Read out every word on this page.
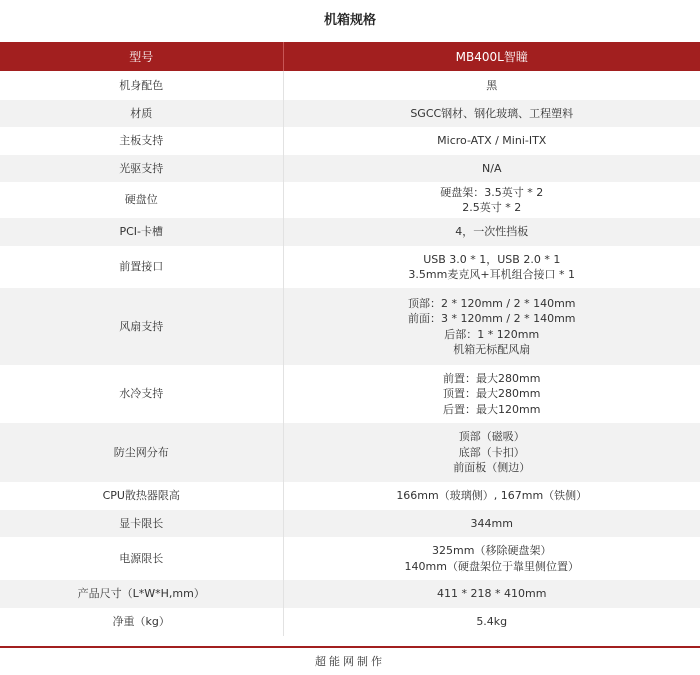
机箱规格
型号	MB400L智瞳
机身配色	黑

材质	SGCC钢材、钢化玻璃、工程塑料

主板支持	Micro-ATX / Mini-ITX

光驱支持	N/A

硬盘位	硬盘架：3.5英寸 * 2
2.5英寸 * 2

PCI-卡槽	4，一次性挡板

前置接口	USB 3.0 * 1，USB 2.0 * 1
3.5mm麦克风+耳机组合接口 * 1

风扇支持	顶部：2 * 120mm / 2 * 140mm
前面：3 * 120mm / 2 * 140mm
后部：1 * 120mm
机箱无标配风扇

水冷支持	前置：最大280mm
顶置：最大280mm
后置：最大120mm

防尘网分布	顶部（磁吸）
底部（卡扣）
前面板（侧边）

CPU散热器限高	166mm（玻璃侧）, 167mm（铁侧）

显卡限长	344mm

电源限长	325mm（移除硬盘架）
140mm（硬盘架位于靠里侧位置）

产品尺寸（L*W*H,mm）	411 * 218 * 410mm

净重（kg）	5.4kg
超能网制作
